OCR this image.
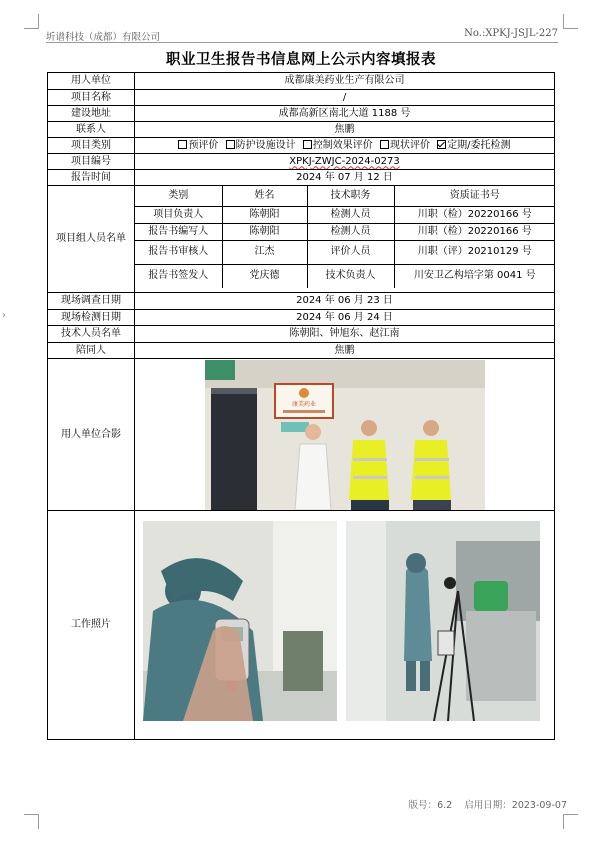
›
圻谱科技（成都）有限公司	No.:XPKJ-JSJL-227
职业卫生报告书信息网上公示内容填报表
用人单位	成都康美药业生产有限公司
项目名称	/
建设地址	成都高新区南北大道 1188 号
联系人	焦鹏
项目类别	预评价 防护设施设计 控制效果评价 现状评价 定期/委托检测
项目编号	XPKJ-ZWJC-2024-0273
报告时间	2024 年 07 月 12 日
项目组人员名单	
类别	姓名	技术职务	资质证书号
项目负责人	陈朝阳	检测人员	川职（检）20220166 号
报告书编写人	陈朝阳	检测人员	川职（检）20220166 号
报告书审核人	江杰	评价人员	川职（评）20210129 号
报告书签发人	党庆德	技术负责人	川安卫乙构培字第 0041 号

现场调查日期	2024 年 06 月 23 日
现场检测日期	2024 年 06 月 24 日
技术人员名单	陈朝阳、钟旭东、赵江南
陪同人	焦鹏
用人单位合影	
康美药业

工作照片	
版号：6.2 启用日期：2023-09-07
